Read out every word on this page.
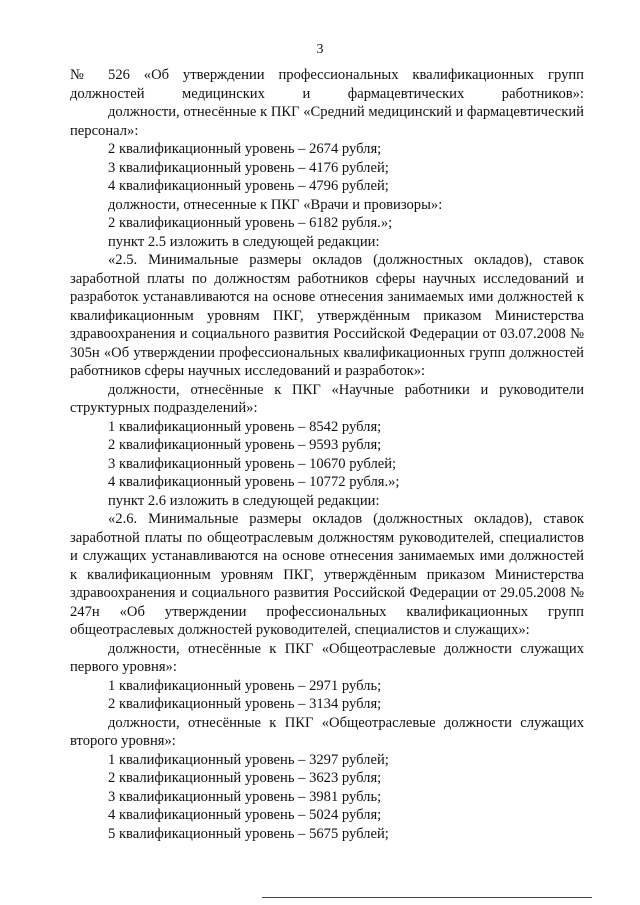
3

№ 526 «Об утверждении профессиональных квалификационных групп должностей медицинских и фармацевтических работников»:

должности, отнесённые к ПКГ «Средний медицинский и фармацевтический персонал»:

2 квалификационный уровень – 2674 рубля;

3 квалификационный уровень – 4176 рублей;

4 квалификационный уровень – 4796 рублей;

должности, отнесенные к ПКГ «Врачи и провизоры»:

2 квалификационный уровень – 6182 рубля.»;

пункт 2.5 изложить в следующей редакции:

«2.5. Минимальные размеры окладов (должностных окладов), ставок заработной платы по должностям работников сферы научных исследований и разработок устанавливаются на основе отнесения занимаемых ими должностей к квалификационным уровням ПКГ, утверждённым приказом Министерства здравоохранения и социального развития Российской Федерации от 03.07.2008 № 305н «Об утверждении профессиональных квалификационных групп должностей работников сферы научных исследований и разработок»:

должности, отнесённые к ПКГ «Научные работники и руководители структурных подразделений»:

1 квалификационный уровень – 8542 рубля;

2 квалификационный уровень – 9593 рубля;

3 квалификационный уровень – 10670 рублей;

4 квалификационный уровень – 10772 рубля.»;

пункт 2.6 изложить в следующей редакции:

«2.6. Минимальные размеры окладов (должностных окладов), ставок заработной платы по общеотраслевым должностям руководителей, специалистов и служащих устанавливаются на основе отнесения занимаемых ими должностей к квалификационным уровням ПКГ, утверждённым приказом Министерства здравоохранения и социального развития Российской Федерации от 29.05.2008 № 247н «Об утверждении профессиональных квалификационных групп общеотраслевых должностей руководителей, специалистов и служащих»:

должности, отнесённые к ПКГ «Общеотраслевые должности служащих первого уровня»:

1 квалификационный уровень – 2971 рубль;

2 квалификационный уровень – 3134 рубля;

должности, отнесённые к ПКГ «Общеотраслевые должности служащих второго уровня»:

1 квалификационный уровень – 3297 рублей;

2 квалификационный уровень – 3623 рубля;

3 квалификационный уровень – 3981 рубль;

4 квалификационный уровень – 5024 рубля;

5 квалификационный уровень – 5675 рублей;
